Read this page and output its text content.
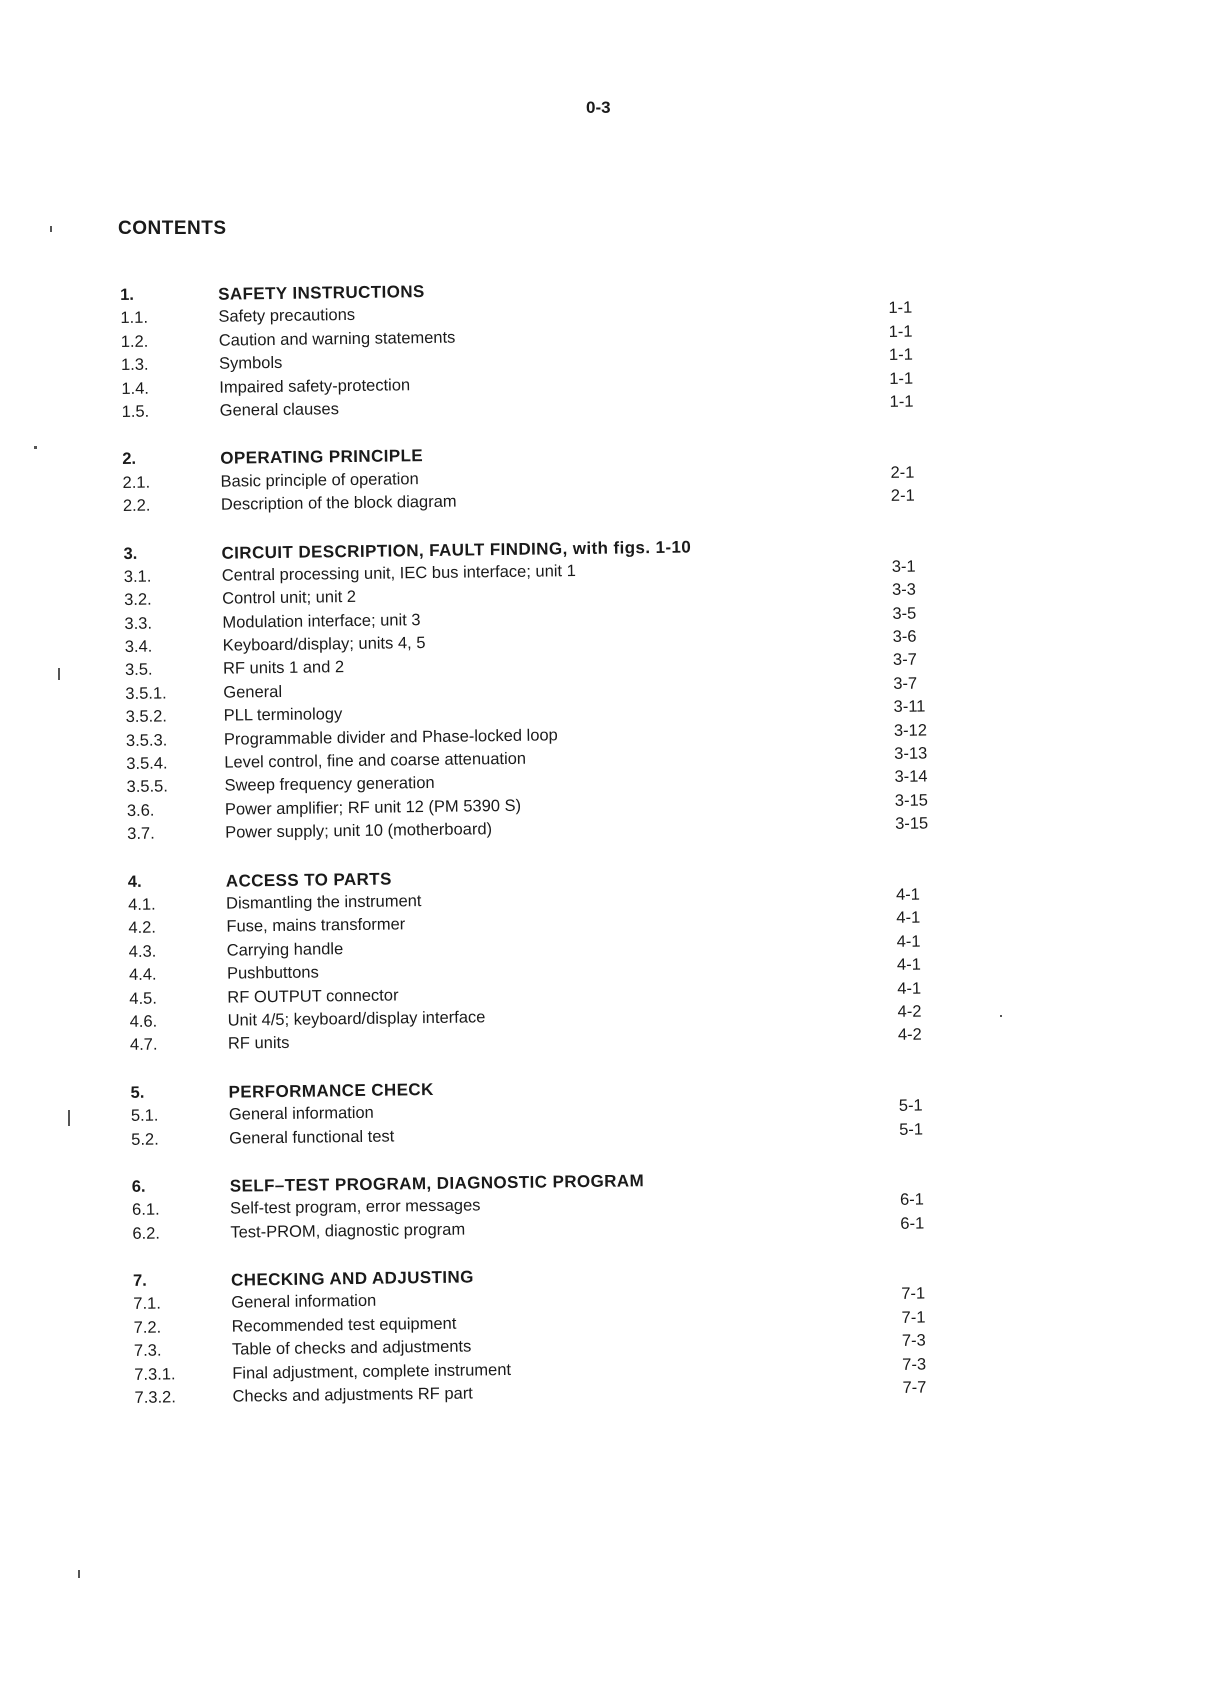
0-3
CONTENTS
1.	SAFETY INSTRUCTIONS
1.1.	Safety precautions	1-1
1.2.	Caution and warning statements	1-1
1.3.	Symbols	1-1
1.4.	Impaired safety-protection	1-1
1.5.	General clauses	1-1
2.	OPERATING PRINCIPLE
2.1.	Basic principle of operation	2-1
2.2.	Description of the block diagram	2-1
3.	CIRCUIT DESCRIPTION, FAULT FINDING, with figs. 1-10
3.1.	Central processing unit, IEC bus interface; unit 1	3-1
3.2.	Control unit; unit 2	3-3
3.3.	Modulation interface; unit 3	3-5
3.4.	Keyboard/display; units 4, 5	3-6
3.5.	RF units 1 and 2	3-7
3.5.1.	General	3-7
3.5.2.	PLL terminology	3-11
3.5.3.	Programmable divider and Phase-locked loop	3-12
3.5.4.	Level control, fine and coarse attenuation	3-13
3.5.5.	Sweep frequency generation	3-14
3.6.	Power amplifier; RF unit 12 (PM 5390 S)	3-15
3.7.	Power supply; unit 10 (motherboard)	3-15
4.	ACCESS TO PARTS
4.1.	Dismantling the instrument	4-1
4.2.	Fuse, mains transformer	4-1
4.3.	Carrying handle	4-1
4.4.	Pushbuttons	4-1
4.5.	RF OUTPUT connector	4-1
4.6.	Unit 4/5; keyboard/display interface	4-2
4.7.	RF units	4-2
5.	PERFORMANCE CHECK
5.1.	General information	5-1
5.2.	General functional test	5-1
6.	SELF–TEST PROGRAM, DIAGNOSTIC PROGRAM
6.1.	Self-test program, error messages	6-1
6.2.	Test-PROM, diagnostic program	6-1
7.	CHECKING AND ADJUSTING
7.1.	General information	7-1
7.2.	Recommended test equipment	7-1
7.3.	Table of checks and adjustments	7-3
7.3.1.	Final adjustment, complete instrument	7-3
7.3.2.	Checks and adjustments RF part	7-7
